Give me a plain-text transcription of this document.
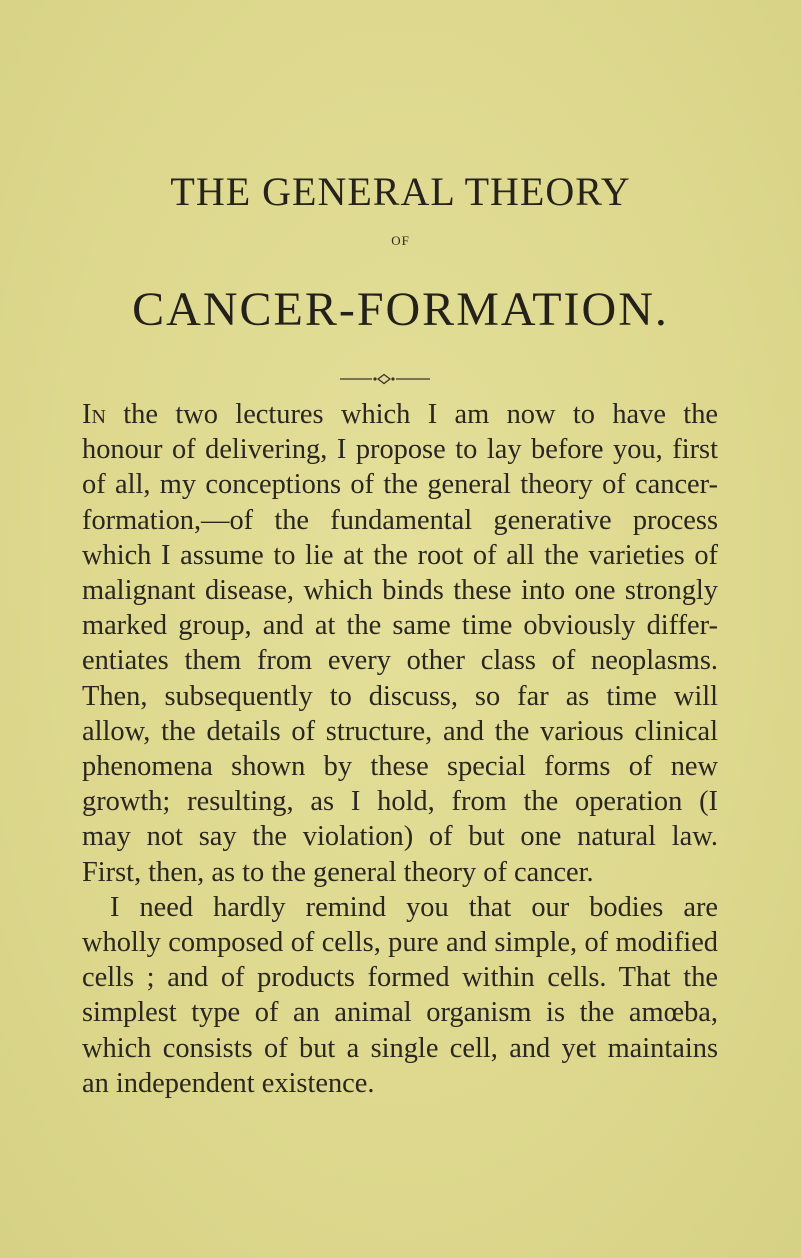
THE GENERAL THEORY
OF
CANCER-FORMATION.

In the two lectures which I am now to have the
honour of delivering, I propose to lay before you, first
of all, my conceptions of the general theory of cancer-
formation,—of the fundamental generative process
which I assume to lie at the root of all the varieties of
malignant disease, which binds these into one strongly
marked group, and at the same time obviously differ-
entiates them from every other class of neoplasms.
Then, subsequently to discuss, so far as time will
allow, the details of structure, and the various clinical
phenomena shown by these special forms of new
growth; resulting, as I hold, from the operation (I
may not say the violation) of but one natural law.
First, then, as to the general theory of cancer.

I need hardly remind you that our bodies are
wholly composed of cells, pure and simple, of modified
cells ; and of products formed within cells. That the
simplest type of an animal organism is the amœba,
which consists of but a single cell, and yet maintains
an independent existence.
